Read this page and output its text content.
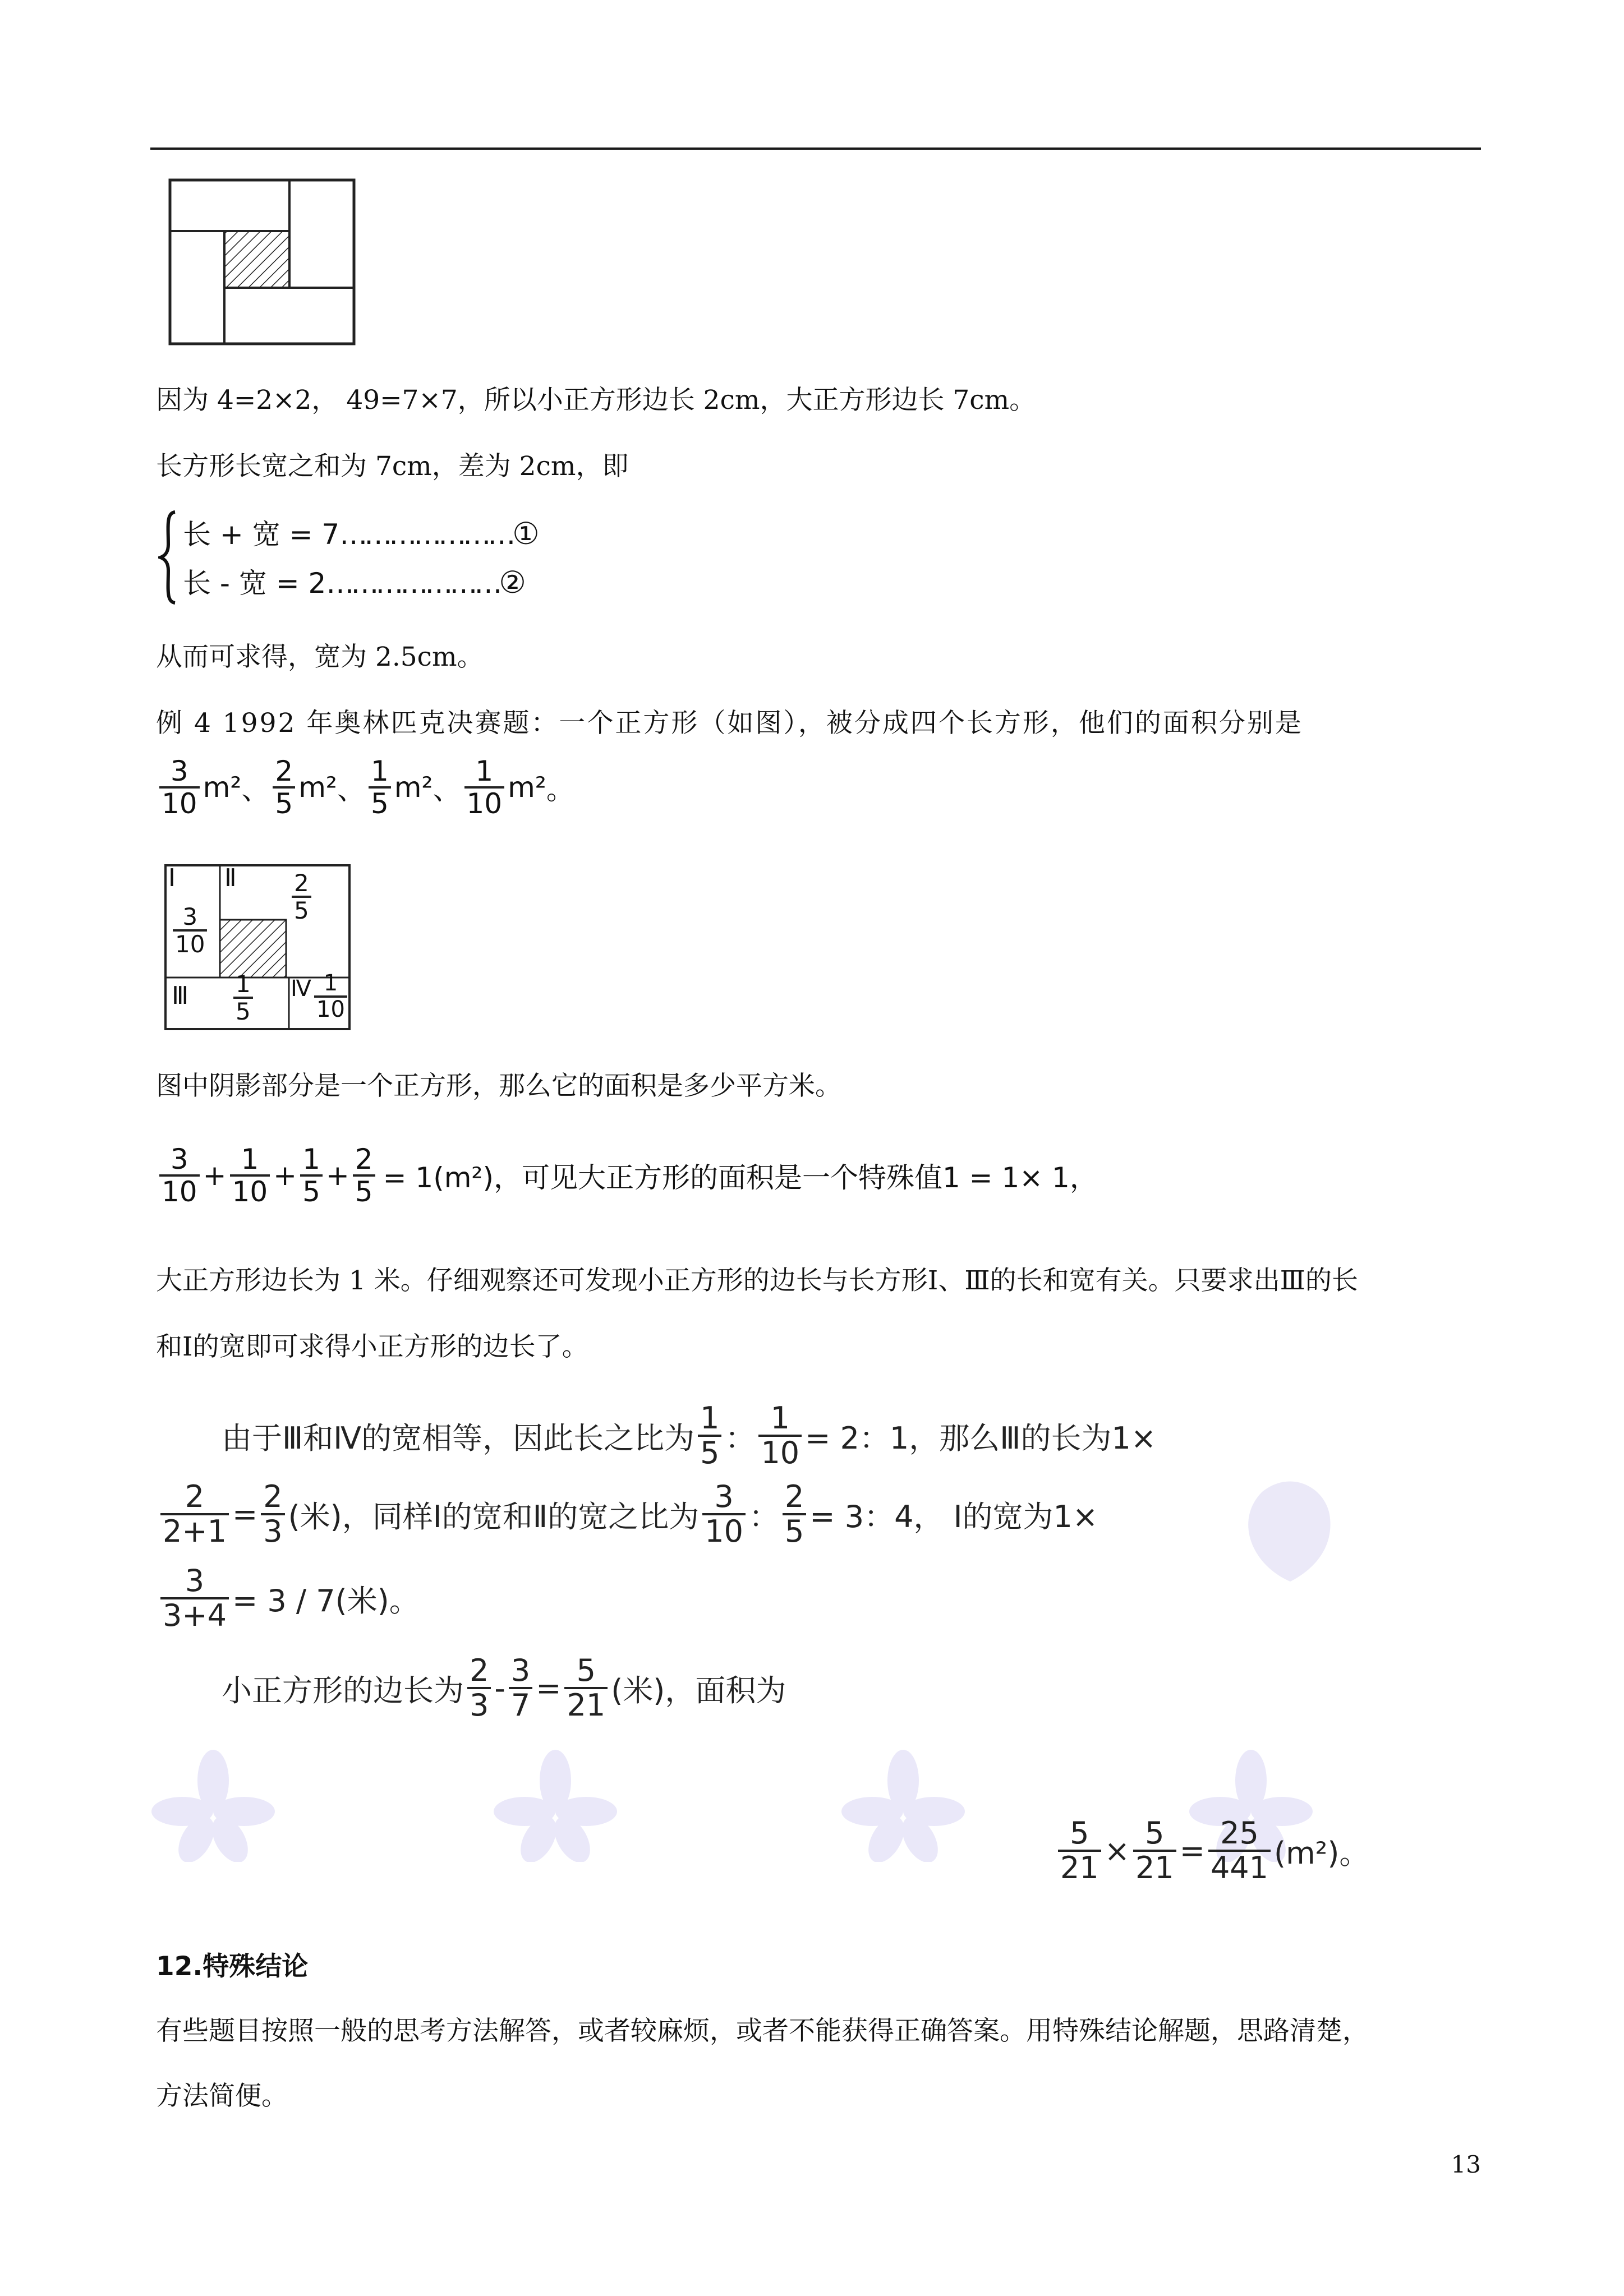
因为 4=2×2， 49=7×7，所以小正方形边长 2cm，大正方形边长 7cm。
长方形长宽之和为 7cm，差为 2cm，即
长 + 宽 = 7…………………①
长 - 宽 = 2…………………②
从而可求得，宽为 2.5cm。
例 4 1992 年奥林匹克决赛题：一个正方形（如图），被分成四个长方形，他们的面积分别是
$\frac{3}{10} m^2$ 、 $\frac{2}{5} m^2$ 、 $\frac{1}{5} m^2$ 、 $\frac{1}{10} m^2$ 。
Ⅰ Ⅱ
Ⅲ	Ⅳ
$\frac{3}{10}$
$\frac{2}{5}$
$\frac{1}{5}$	$\frac{1}{10}$
图中阴影部分是一个正方形，那么它的面积是多少平方米。
$\frac{3}{10} + \frac{1}{10} + \frac{1}{5} + \frac{2}{5} = 1(m^2)$，可见大正方形的面积是一个特殊值1 = 1× 1，
大正方形边长为 1 米。仔细观察还可发现小正方形的边长与长方形Ⅰ、Ⅲ的长和宽有关。只要求出Ⅲ的长
和Ⅰ的宽即可求得小正方形的边长了。
由于Ⅲ和Ⅳ的宽相等，因此长之比为 $\frac{1}{5}$ ： $\frac{1}{10} = 2$：1，那么Ⅲ的长为1×
$\frac{2}{2+1} = \frac{2}{3}$ (米)，同样Ⅰ的宽和Ⅱ的宽之比为 $\frac{3}{10}$ ： $\frac{2}{5} = 3$：4， Ⅰ的宽为1×
$\frac{3}{3+4} = 3 / 7$(米)。
小正方形的边长为 $\frac{2}{3} - \frac{3}{7} = \frac{5}{21}$ (米)，面积为
$\frac{5}{21} \times \frac{5}{21} = \frac{25}{441} (m^2)$。
12.特殊结论
有些题目按照一般的思考方法解答，或者较麻烦，或者不能获得正确答案。用特殊结论解题，思路清楚，
方法简便。
13
